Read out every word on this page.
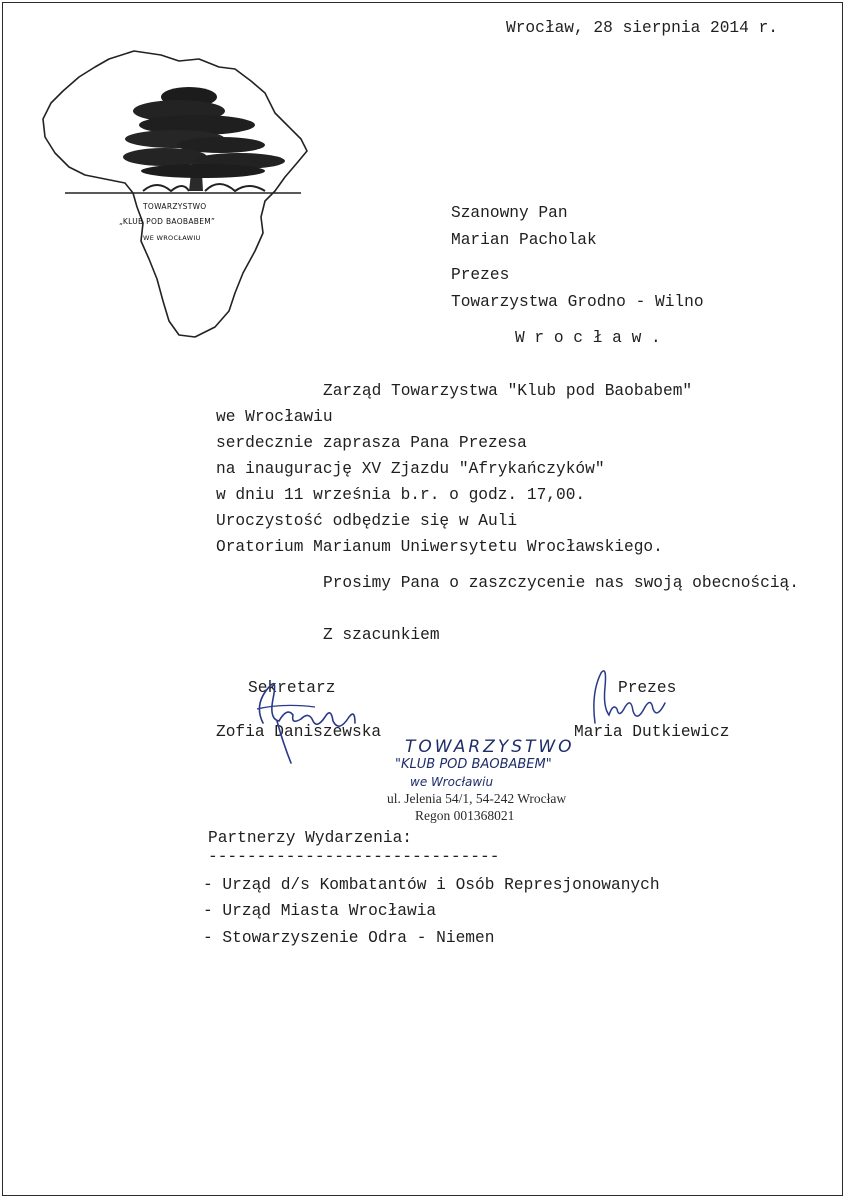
Wrocław, 28 sierpnia 2014 r.

TOWARZYSTWO
„KLUB POD BAOBABEM”
WE WROCŁAWIU

Szanowny Pan

Marian Pacholak

Prezes

Towarzystwa Grodno - Wilno

W r o c ł a w .

Zarząd Towarzystwa "Klub pod Baobabem"

we Wrocławiu

serdecznie zaprasza Pana Prezesa

na inaugurację XV Zjazdu "Afrykańczyków"

w dniu 11 września b.r. o godz. 17,00.

Uroczystość odbędzie się w Auli

Oratorium Marianum Uniwersytetu Wrocławskiego.

Prosimy Pana o zaszczycenie nas swoją obecnością.

Z szacunkiem

Sekretarz

Zofia Daniszewska

Prezes

Maria Dutkiewicz

TOWARZYSTWO
"KLUB POD BAOBABEM"
we Wrocławiu
ul. Jelenia 54/1, 54-242 Wrocław
Regon 001368021

Partnerzy Wydarzenia:

------------------------------

- Urząd d/s Kombatantów i Osób Represjonowanych

- Urząd Miasta Wrocławia

- Stowarzyszenie Odra - Niemen
